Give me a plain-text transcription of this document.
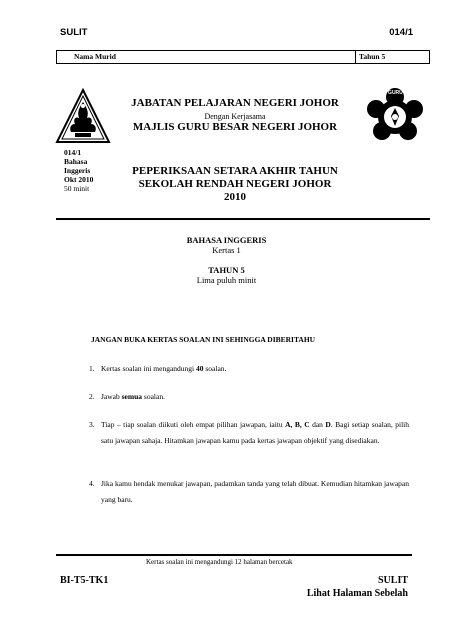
SULIT	014/1
Nama Murid	Tahun 5
MAJLIS GURU BESAR
JABATAN PELAJARAN NEGERI JOHOR
Dengan Kerjasama
MAJLIS GURU BESAR NEGERI JOHOR
PEPERIKSAAN SETARA AKHIR TAHUN
SEKOLAH RENDAH NEGERI JOHOR
2010
014/1
Bahasa
Inggeris
Okt 2010
50 minit
BAHASA INGGERIS
Kertas 1
TAHUN 5
Lima puluh minit
JANGAN BUKA KERTAS SOALAN INI SEHINGGA DIBERITAHU
1. Kertas soalan ini mengandungi 40 soalan.
2. Jawab semua soalan.
3. Tiap – tiap soalan diikuti oleh empat pilihan jawapan, iaitu A, B, C dan D. Bagi setiap soalan, pilih satu jawapan sahaja. Hitamkan jawapan kamu pada kertas jawapan objektif yang disediakan.
4. Jika kamu hendak menukar jawapan, padamkan tanda yang telah dibuat. Kemudian hitamkan jawapan yang baru.
Kertas soalan ini mengandungi 12 halaman bercetak
BI-T5-TK1	SULIT
Lihat Halaman Sebelah
